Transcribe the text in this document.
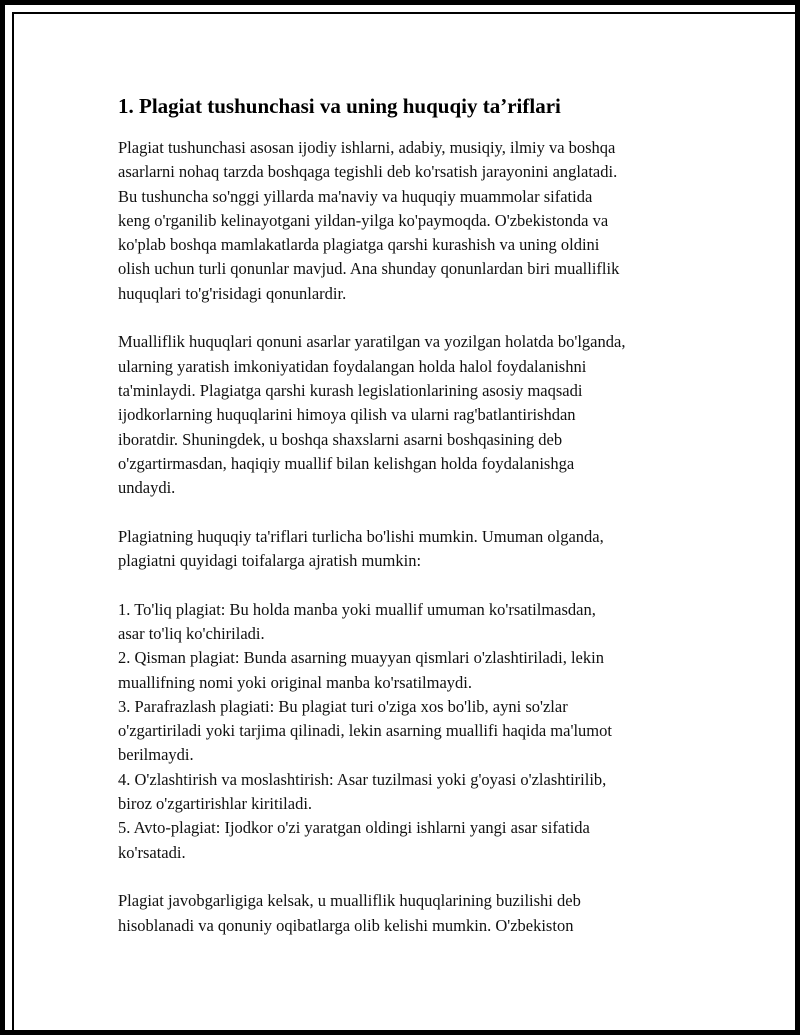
1. Plagiat tushunchasi va uning huquqiy ta’riflari
Plagiat tushunchasi asosan ijodiy ishlarni, adabiy, musiqiy, ilmiy va boshqa
asarlarni nohaq tarzda boshqaga tegishli deb ko'rsatish jarayonini anglatadi.
Bu tushuncha so'nggi yillarda ma'naviy va huquqiy muammolar sifatida
keng o'rganilib kelinayotgani yildan-yilga ko'paymoqda. O'zbekistonda va
ko'plab boshqa mamlakatlarda plagiatga qarshi kurashish va uning oldini
olish uchun turli qonunlar mavjud. Ana shunday qonunlardan biri mualliflik
huquqlari to'g'risidagi qonunlardir.
Mualliflik huquqlari qonuni asarlar yaratilgan va yozilgan holatda bo'lganda,
ularning yaratish imkoniyatidan foydalangan holda halol foydalanishni
ta'minlaydi. Plagiatga qarshi kurash legislationlarining asosiy maqsadi
ijodkorlarning huquqlarini himoya qilish va ularni rag'batlantirishdan
iboratdir. Shuningdek, u boshqa shaxslarni asarni boshqasining deb
o'zgartirmasdan, haqiqiy muallif bilan kelishgan holda foydalanishga
undaydi.
Plagiatning huquqiy ta'riflari turlicha bo'lishi mumkin. Umuman olganda,
plagiatni quyidagi toifalarga ajratish mumkin:
1. To'liq plagiat: Bu holda manba yoki muallif umuman ko'rsatilmasdan,
asar to'liq ko'chiriladi.
2. Qisman plagiat: Bunda asarning muayyan qismlari o'zlashtiriladi, lekin
muallifning nomi yoki original manba ko'rsatilmaydi.
3. Parafrazlash plagiati: Bu plagiat turi o'ziga xos bo'lib, ayni so'zlar
o'zgartiriladi yoki tarjima qilinadi, lekin asarning muallifi haqida ma'lumot
berilmaydi.
4. O'zlashtirish va moslashtirish: Asar tuzilmasi yoki g'oyasi o'zlashtirilib,
biroz o'zgartirishlar kiritiladi.
5. Avto-plagiat: Ijodkor o'zi yaratgan oldingi ishlarni yangi asar sifatida
ko'rsatadi.
Plagiat javobgarligiga kelsak, u mualliflik huquqlarining buzilishi deb
hisoblanadi va qonuniy oqibatlarga olib kelishi mumkin. O'zbekiston
